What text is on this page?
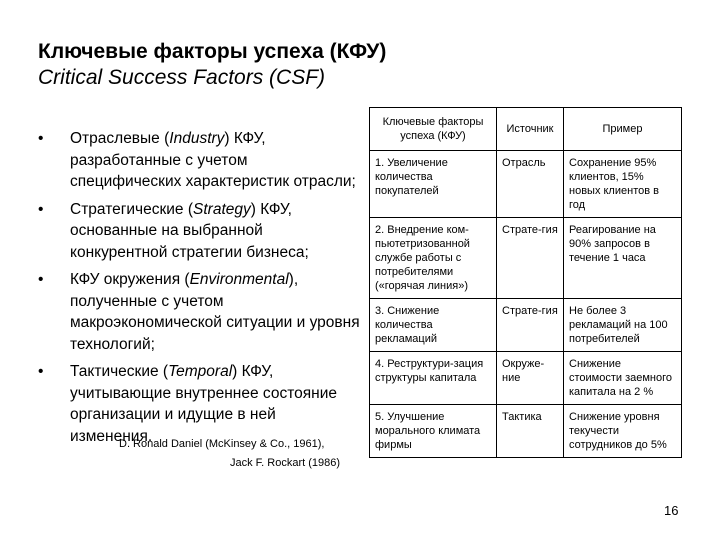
Ключевые факторы успеха (КФУ)
Critical Success Factors (CSF)
• Отраслевые (Industry) КФУ, разработанные с учетом специфических характеристик отрасли;
• Стратегические (Strategy) КФУ, основанные на выбранной конкурентной стратегии бизнеса;
• КФУ окружения (Environmental), полученные с учетом макроэкономической ситуации и уровня технологий;
• Тактические (Temporal) КФУ, учитывающие внутреннее состояние организации и идущие в ней изменения.
D. Ronald Daniel (McKinsey & Co., 1961),
Jack F. Rockart (1986)
Ключевые факторы успеха (КФУ)	Источник	Пример
1. Увеличение количества покупателей	Отрасль	Сохранение 95% клиентов, 15% новых клиентов в год
2. Внедрение ком-пьютетризованной службе работы с потребителями («горячая линия»)	Страте-гия	Реагирование на 90% запросов в течение 1 часа
3. Снижение количества рекламаций	Страте-гия	Не более 3 рекламаций на 100 потребителей
4. Реструктури-зация структуры капитала	Окруже-ние	Снижение стоимости заемного капитала на 2 %
5. Улучшение морального климата фирмы	Тактика	Снижение уровня текучести сотрудников до 5%
16
